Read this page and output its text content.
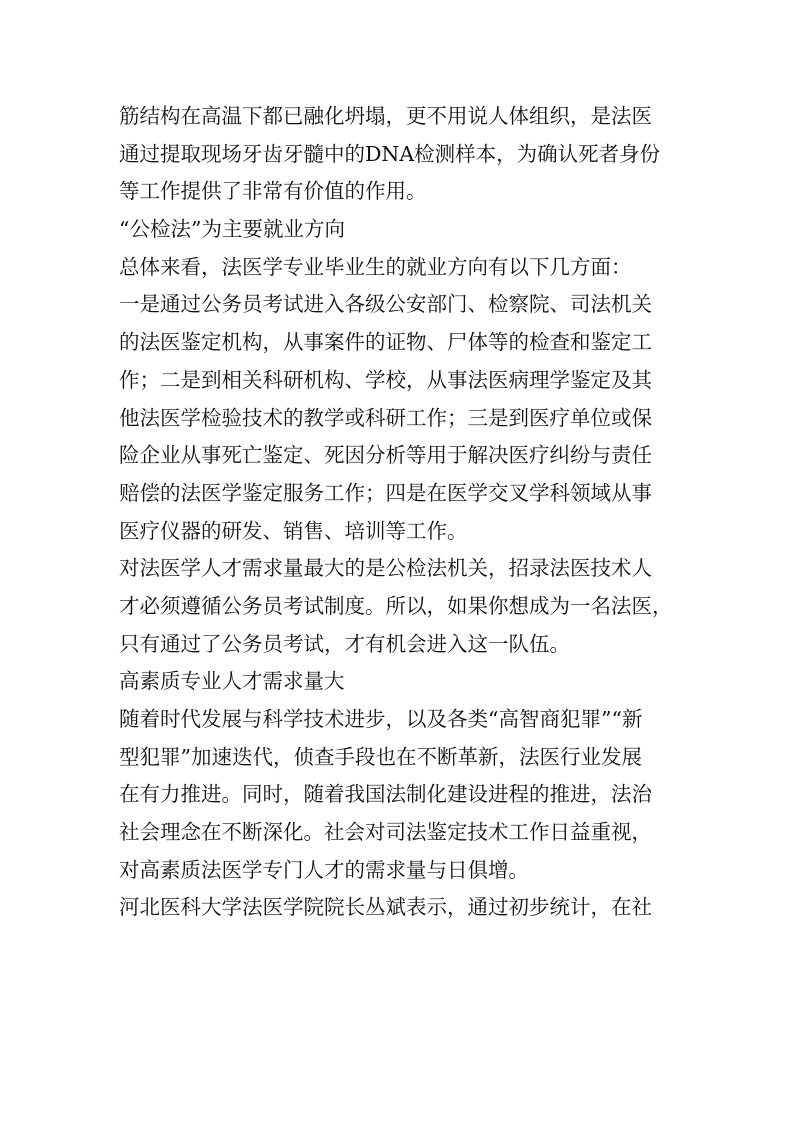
筋结构在高温下都已融化坍塌，更不用说人体组织，是法医
通过提取现场牙齿牙髓中的DNA检测样本，为确认死者身份
等工作提供了非常有价值的作用。
“公检法”为主要就业方向
总体来看，法医学专业毕业生的就业方向有以下几方面：
一是通过公务员考试进入各级公安部门、检察院、司法机关
的法医鉴定机构，从事案件的证物、尸体等的检查和鉴定工
作；二是到相关科研机构、学校，从事法医病理学鉴定及其
他法医学检验技术的教学或科研工作；三是到医疗单位或保
险企业从事死亡鉴定、死因分析等用于解决医疗纠纷与责任
赔偿的法医学鉴定服务工作；四是在医学交叉学科领域从事
医疗仪器的研发、销售、培训等工作。
对法医学人才需求量最大的是公检法机关，招录法医技术人
才必须遵循公务员考试制度。所以，如果你想成为一名法医，
只有通过了公务员考试，才有机会进入这一队伍。
高素质专业人才需求量大
随着时代发展与科学技术进步，以及各类“高智商犯罪”“新
型犯罪”加速迭代，侦查手段也在不断革新，法医行业发展
在有力推进。同时，随着我国法制化建设进程的推进，法治
社会理念在不断深化。社会对司法鉴定技术工作日益重视，
对高素质法医学专门人才的需求量与日俱增。
河北医科大学法医学院院长丛斌表示，通过初步统计，在社
